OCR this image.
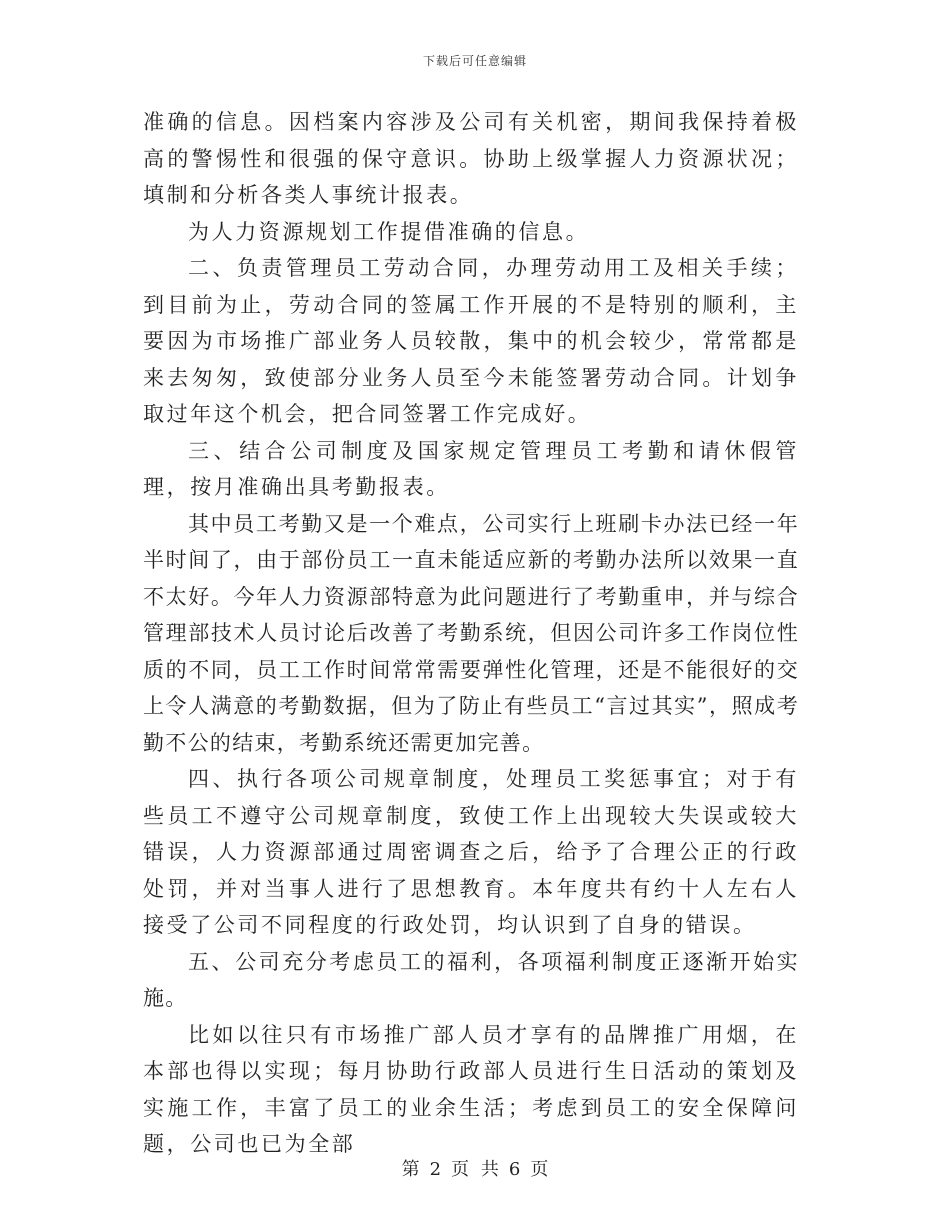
下载后可任意编辑

准确的信息。因档案内容涉及公司有关机密，期间我保持着极高的警惕性和很强的保守意识。协助上级掌握人力资源状况；填制和分析各类人事统计报表。

为人力资源规划工作提借准确的信息。

二、负责管理员工劳动合同，办理劳动用工及相关手续；到目前为止，劳动合同的签属工作开展的不是特别的顺利，主要因为市场推广部业务人员较散，集中的机会较少，常常都是来去匆匆，致使部分业务人员至今未能签署劳动合同。计划争取过年这个机会，把合同签署工作完成好。

三、结合公司制度及国家规定管理员工考勤和请休假管理，按月准确出具考勤报表。

其中员工考勤又是一个难点，公司实行上班刷卡办法已经一年半时间了，由于部份员工一直未能适应新的考勤办法所以效果一直不太好。今年人力资源部特意为此问题进行了考勤重申，并与综合管理部技术人员讨论后改善了考勤系统，但因公司许多工作岗位性质的不同，员工工作时间常常需要弹性化管理，还是不能很好的交上令人满意的考勤数据，但为了防止有些员工“言过其实”，照成考勤不公的结束，考勤系统还需更加完善。

四、执行各项公司规章制度，处理员工奖惩事宜；对于有些员工不遵守公司规章制度，致使工作上出现较大失误或较大错误，人力资源部通过周密调查之后，给予了合理公正的行政处罚，并对当事人进行了思想教育。本年度共有约十人左右人接受了公司不同程度的行政处罚，均认识到了自身的错误。

五、公司充分考虑员工的福利，各项福利制度正逐渐开始实施。

比如以往只有市场推广部人员才享有的品牌推广用烟，在本部也得以实现；每月协助行政部人员进行生日活动的策划及实施工作，丰富了员工的业余生活；考虑到员工的安全保障问题，公司也已为全部

第 2 页 共 6 页
